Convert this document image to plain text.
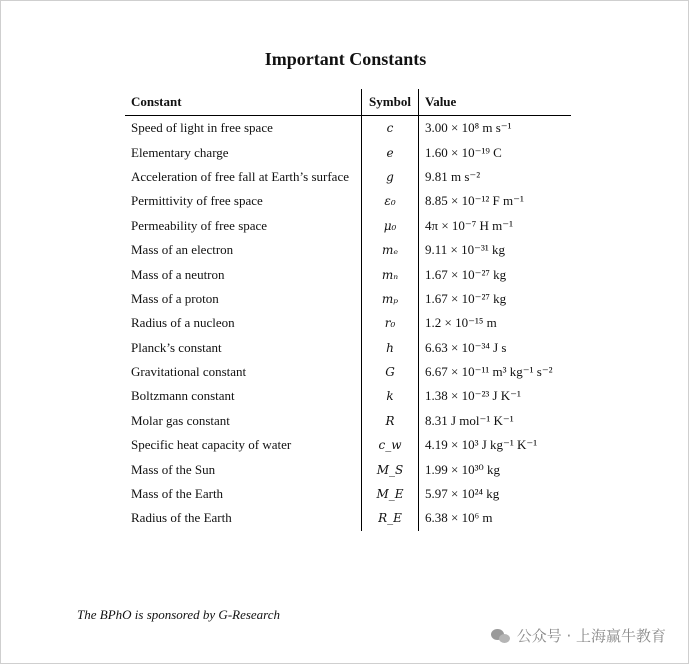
Important Constants
Constant	Symbol	Value
Speed of light in free space	c	3.00 × 10⁸ m s⁻¹
Elementary charge	e	1.60 × 10⁻¹⁹ C
Acceleration of free fall at Earth’s surface	g	9.81 m s⁻²
Permittivity of free space	ε₀	8.85 × 10⁻¹² F m⁻¹
Permeability of free space	μ₀	4π × 10⁻⁷ H m⁻¹
Mass of an electron	mₑ	9.11 × 10⁻³¹ kg
Mass of a neutron	mₙ	1.67 × 10⁻²⁷ kg
Mass of a proton	mₚ	1.67 × 10⁻²⁷ kg
Radius of a nucleon	r₀	1.2 × 10⁻¹⁵ m
Planck’s constant	h	6.63 × 10⁻³⁴ J s
Gravitational constant	G	6.67 × 10⁻¹¹ m³ kg⁻¹ s⁻²
Boltzmann constant	k	1.38 × 10⁻²³ J K⁻¹
Molar gas constant	R	8.31 J mol⁻¹ K⁻¹
Specific heat capacity of water	c_w	4.19 × 10³ J kg⁻¹ K⁻¹
Mass of the Sun	M_S	1.99 × 10³⁰ kg
Mass of the Earth	M_E	5.97 × 10²⁴ kg
Radius of the Earth	R_E	6.38 × 10⁶ m
The BPhO is sponsored by G-Research
公众号 · 上海赢牛教育
